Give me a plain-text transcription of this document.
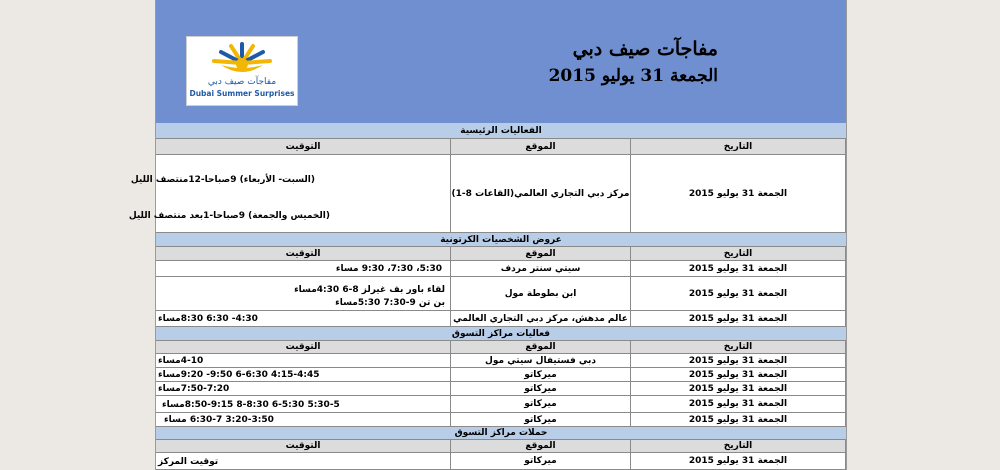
مفاجآت صيف دبي
Dubai Summer Surprises
مفاجآت صيف دبي
الجمعة 31 يوليو 2015
الفعاليات الرئيسية
التاريخ
الموقع
التوقيت
الجمعة 31 يوليو 2015
مركز دبي التجاري العالمي(القاعات 8-1)
(السبت- الأربعاء) 9صباحا-12منتصف الليل
(الخميس والجمعة) 9صباحا-1بعد منتصف الليل
عروض الشخصيات الكرتونية
التاريخ
الموقع
التوقيت
الجمعة 31 يوليو 2015
سيتي سنتر مردف
5:30، 7:30، 9:30 مساء
الجمعة 31 يوليو 2015
ابن بطوطة مول
لقاء باور بف غيرلز 8-6 4:30مساء
بن تن 9-7:30 5:30مساء
الجمعة 31 يوليو 2015
عالم مدهش، مركز دبي التجاري العالمي
4:30- 6:30 8:30مساء
فعاليات مراكز التسوق
التاريخ
الموقع
التوقيت
الجمعة 31 يوليو 2015
دبي فستيفال سيتي مول
4-10مساء
الجمعة 31 يوليو 2015
ميركاتو
4:15-4:45 6-6:30 9:50- 9:20مساء
الجمعة 31 يوليو 2015
ميركاتو
7:50-7:20مساء
الجمعة 31 يوليو 2015
ميركاتو
5:30-5 6-5:30 8-8:30 8:50-9:15مساء
الجمعة 31 يوليو 2015
ميركاتو
3:20-3:50 6:30-7 مساء
حملات مراكز التسوق
التاريخ
الموقع
التوقيت
الجمعة 31 يوليو 2015
ميركاتو
توقيت المركز
